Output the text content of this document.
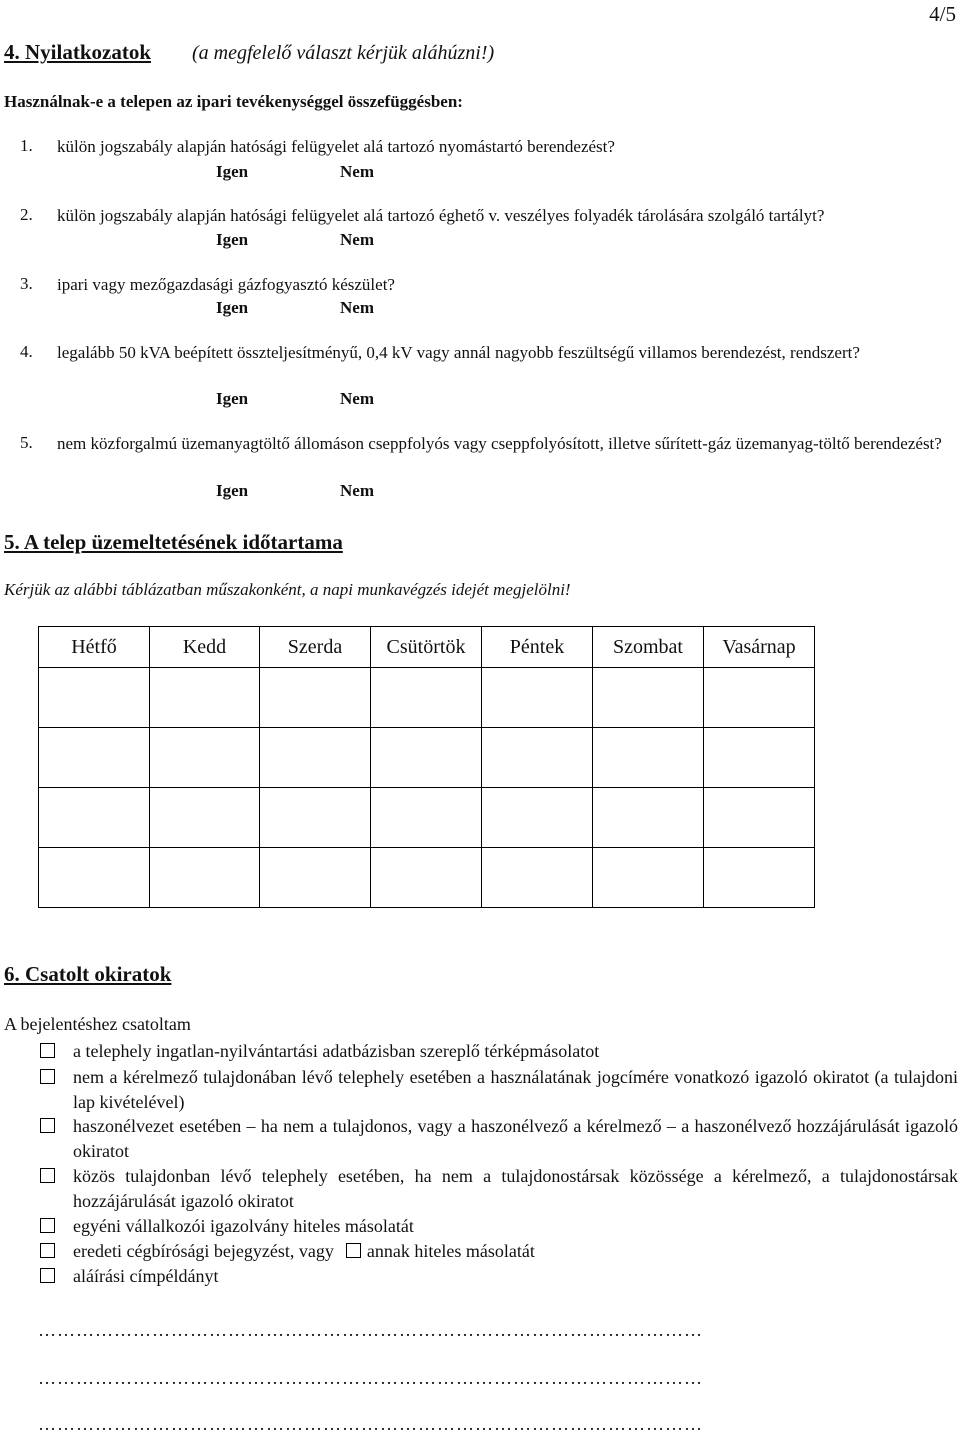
4/5
4. Nyilatkozatok (a megfelelő választ kérjük aláhúzni!)
Használnak-e a telepen az ipari tevékenységgel összefüggésben:
1.	külön jogszabály alapján hatósági felügyelet alá tartozó nyomástartó berendezést?
Igen	Nem
2.	külön jogszabály alapján hatósági felügyelet alá tartozó éghető v. veszélyes folyadék tárolására szolgáló tartályt?
Igen	Nem
3.	ipari vagy mezőgazdasági gázfogyasztó készület?
Igen	Nem
4.	legalább 50 kVA beépített összteljesítményű, 0,4 kV vagy annál nagyobb feszültségű villamos berendezést, rendszert?
Igen	Nem
5.	nem közforgalmú üzemanyagtöltő állomáson cseppfolyós vagy cseppfolyósított, illetve sűrített-gáz üzemanyag-töltő berendezést?
Igen	Nem
5. A telep üzemeltetésének időtartama
Kérjük az alábbi táblázatban műszakonként, a napi munkavégzés idejét megjelölni!
Hétfő	Kedd	Szerda	Csütörtök	Péntek	Szombat	Vasárnap

6. Csatolt okiratok
A bejelentéshez csatoltam
a telephely ingatlan-nyilvántartási adatbázisban szereplő térképmásolatot
nem a kérelmező tulajdonában lévő telephely esetében a használatának jogcímére vonatkozó igazoló okiratot (a tulajdoni lap kivételével)
haszonélvezet esetében – ha nem a tulajdonos, vagy a haszonélvező a kérelmező – a haszonélvező hozzájárulását igazoló okiratot
közös tulajdonban lévő telephely esetében, ha nem a tulajdonostársak közössége a kérelmező, a tulajdonostársak hozzájárulását igazoló okiratot
egyéni vállalkozói igazolvány hiteles másolatát
eredeti cégbírósági bejegyzést, vagy annak hiteles másolatát
aláírási címpéldányt
……………………………………………………………………………………………
……………………………………………………………………………………………
……………………………………………………………………………………………
